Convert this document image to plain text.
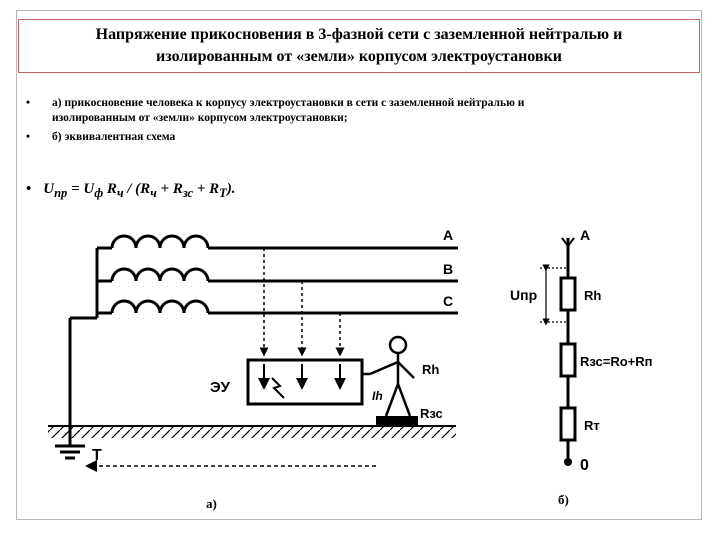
Напряжение прикосновения в 3-фазной сети с заземленной нейтралью и
изолированным от «земли» корпусом электроустановки
• а) прикосновение человека к корпусу электроустановки в сети с заземленной нейтралью и
изолированным от «земли» корпусом электроустановки;
• б) эквивалентная схема
• $U_{пр} = U_ф$ $R_ч / (R_ч + R_{зс} + R_Т)$.
A
B
C
ЭУ
Rh
Ih
Rзс
T
а)
A
Uпр	Rh
Rзс=Ro+Rп
Rт
0
б)
